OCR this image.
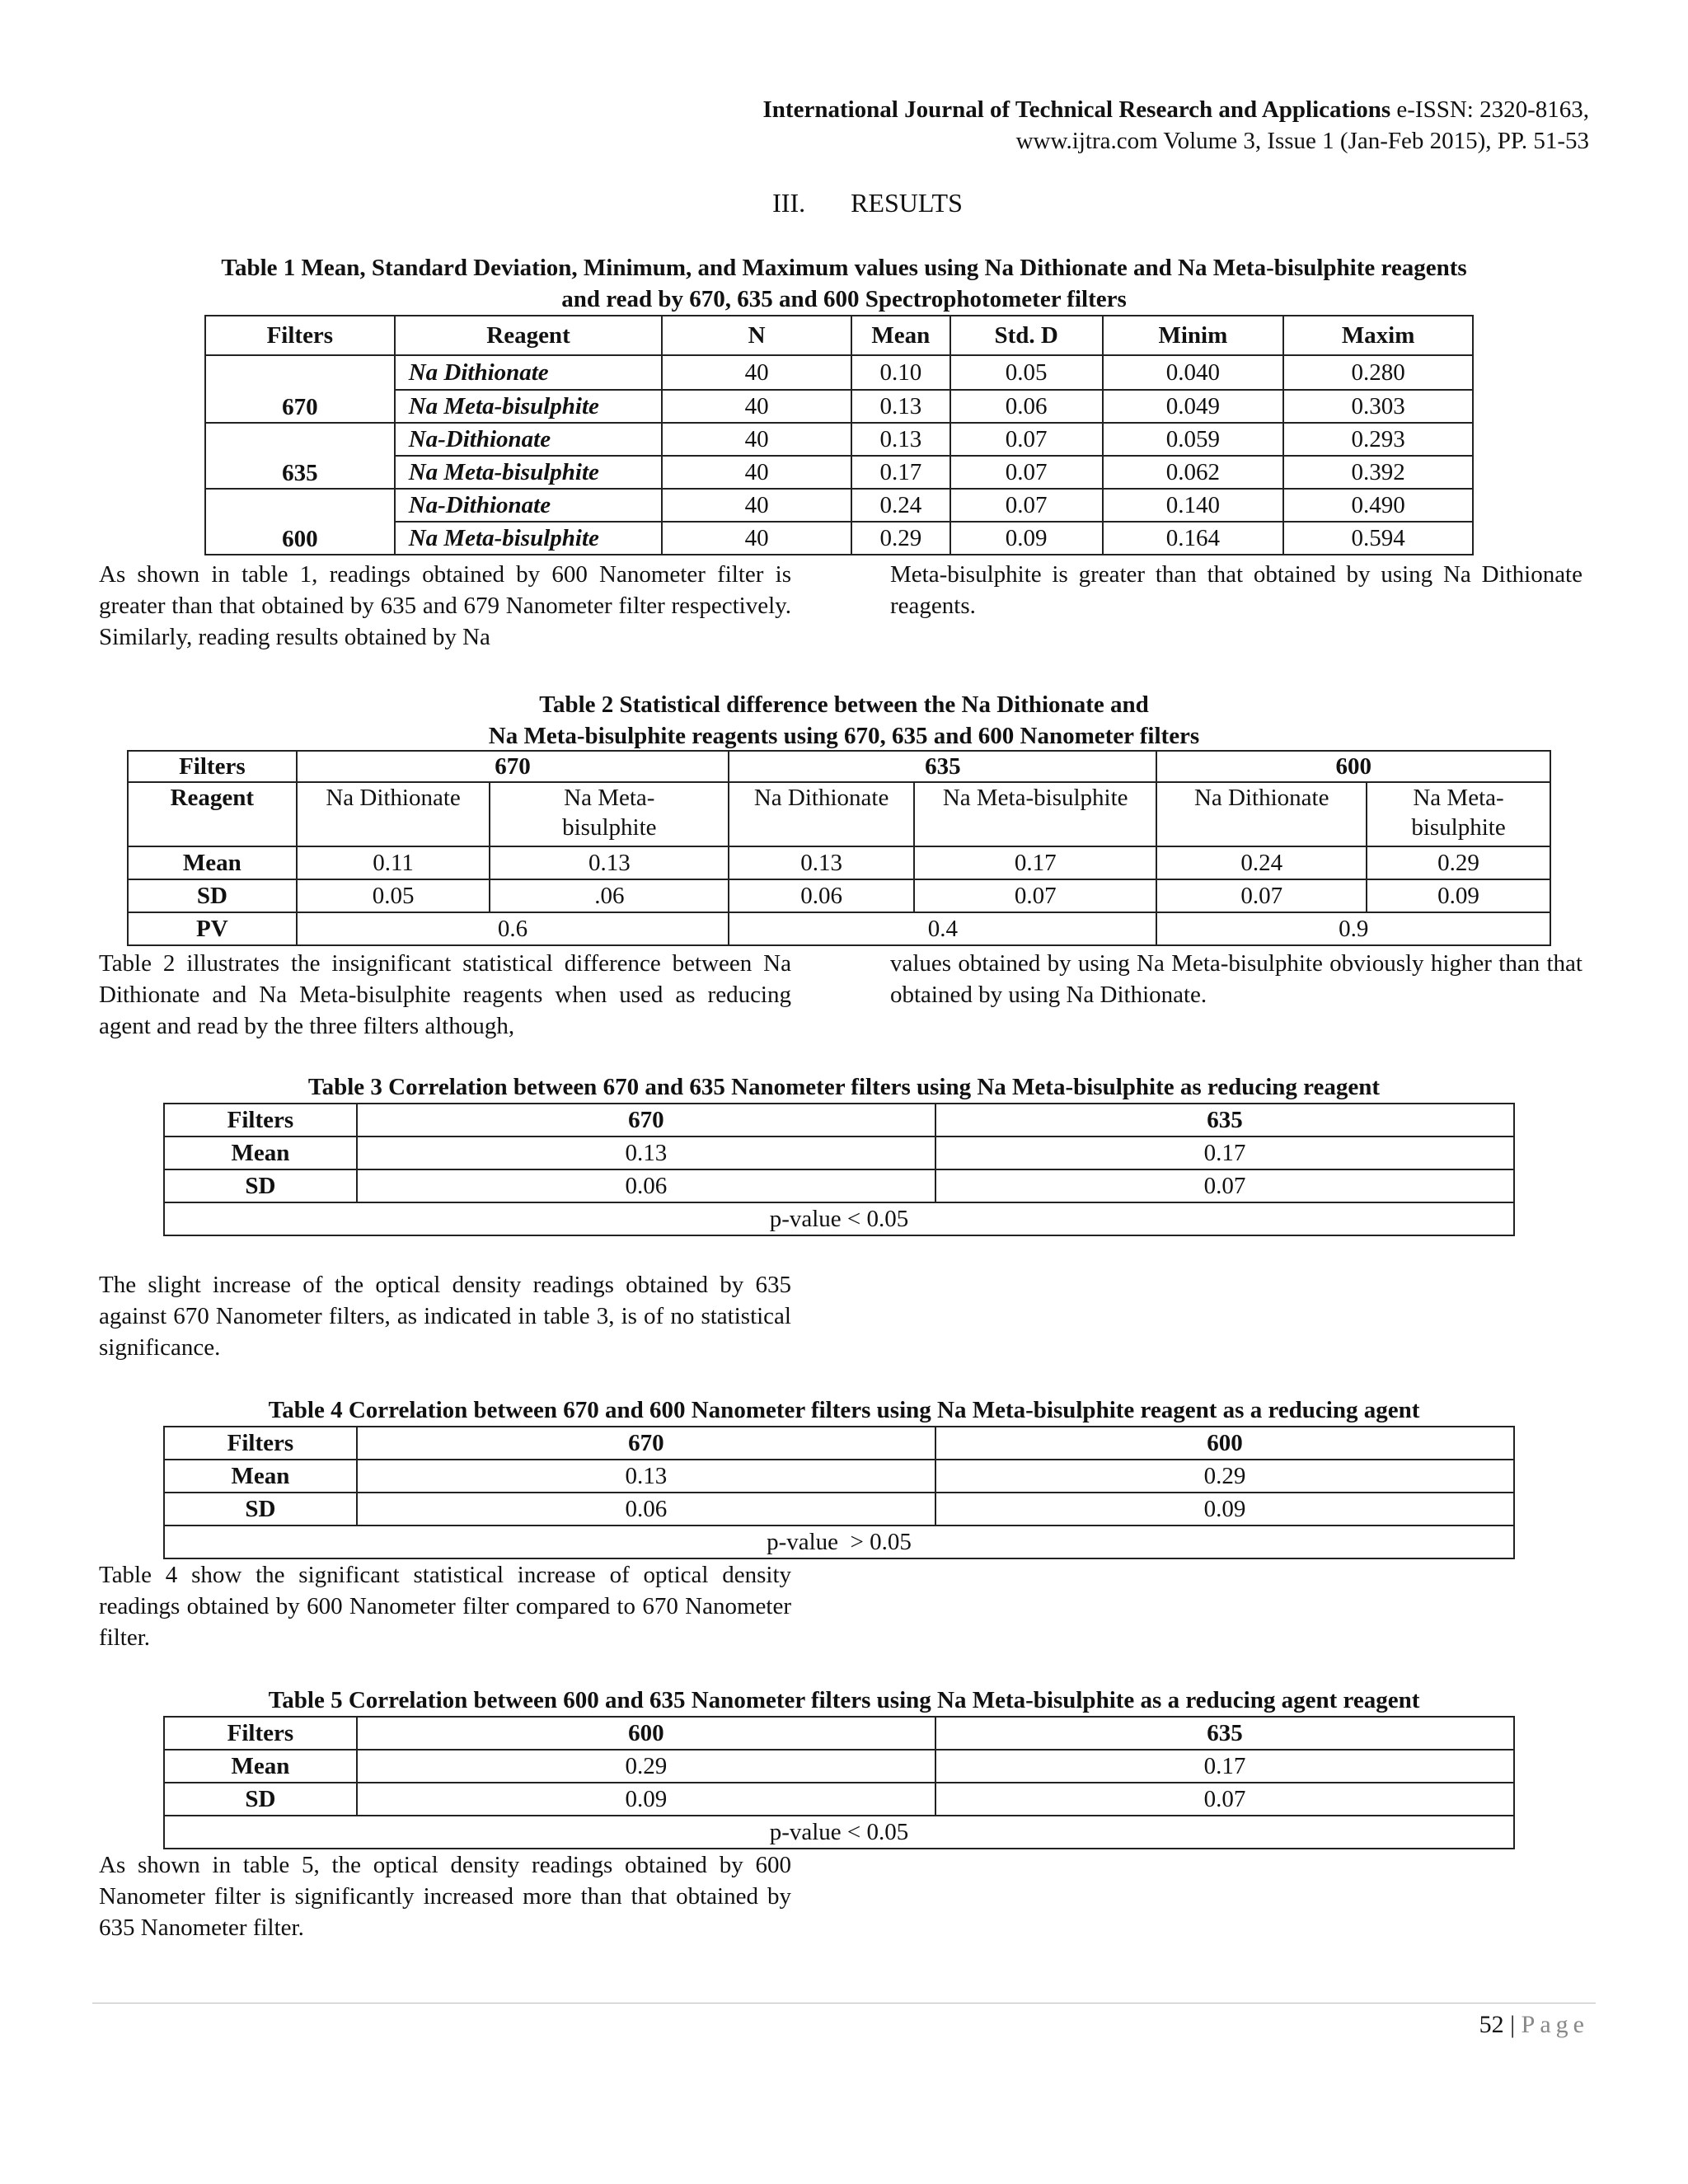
International Journal of Technical Research and Applications e-ISSN: 2320-8163,
www.ijtra.com Volume 3, Issue 1 (Jan-Feb 2015), PP. 51-53
III. RESULTS
Table 1 Mean, Standard Deviation, Minimum, and Maximum values using Na Dithionate and Na Meta-bisulphite reagents
and read by 670, 635 and 600 Spectrophotometer filters
Filters	Reagent	N	Mean	Std. D	Minim	Maxim
670	Na Dithionate	40	0.10	0.05	0.040	0.280
	Na Meta-bisulphite	40	0.13	0.06	0.049	0.303
635	Na-Dithionate	40	0.13	0.07	0.059	0.293
	Na Meta-bisulphite	40	0.17	0.07	0.062	0.392
600	Na-Dithionate	40	0.24	0.07	0.140	0.490
	Na Meta-bisulphite	40	0.29	0.09	0.164	0.594
As shown in table 1, readings obtained by 600 Nanometer filter is greater than that obtained by 635 and 679 Nanometer filter respectively. Similarly, reading results obtained by Na
Meta-bisulphite is greater than that obtained by using Na Dithionate reagents.
Table 2 Statistical difference between the Na Dithionate and
Na Meta-bisulphite reagents using 670, 635 and 600 Nanometer filters
Filters	670		635		600	
Reagent	Na Dithionate	Na Meta-bisulphite	Na Dithionate	Na Meta-bisulphite	Na Dithionate	Na Meta-bisulphite
Mean	0.11	0.13	0.13	0.17	0.24	0.29
SD	0.05	.06	0.06	0.07	0.07	0.09
PV	0.6		0.4		0.9	
Table 2 illustrates the insignificant statistical difference between Na Dithionate and Na Meta-bisulphite reagents when used as reducing agent and read by the three filters although,
values obtained by using Na Meta-bisulphite obviously higher than that obtained by using Na Dithionate.
Table 3 Correlation between 670 and 635 Nanometer filters using Na Meta-bisulphite as reducing reagent
Filters	670	635
Mean	0.13	0.17
SD	0.06	0.07
p-value < 0.05		
The slight increase of the optical density readings obtained by 635 against 670 Nanometer filters, as indicated in table 3, is of no statistical significance.
Table 4 Correlation between 670 and 600 Nanometer filters using Na Meta-bisulphite reagent as a reducing agent
Filters	670	600
Mean	0.13	0.29
SD	0.06	0.09
p-value  > 0.05		
Table 4 show the significant statistical increase of optical density readings obtained by 600 Nanometer filter compared to 670 Nanometer filter.
Table 5 Correlation between 600 and 635 Nanometer filters using Na Meta-bisulphite as a reducing agent reagent
Filters	600	635
Mean	0.29	0.17
SD	0.09	0.07
p-value < 0.05		
As shown in table 5, the optical density readings obtained by 600 Nanometer filter is significantly increased more than that obtained by 635 Nanometer filter.
52 | Page
